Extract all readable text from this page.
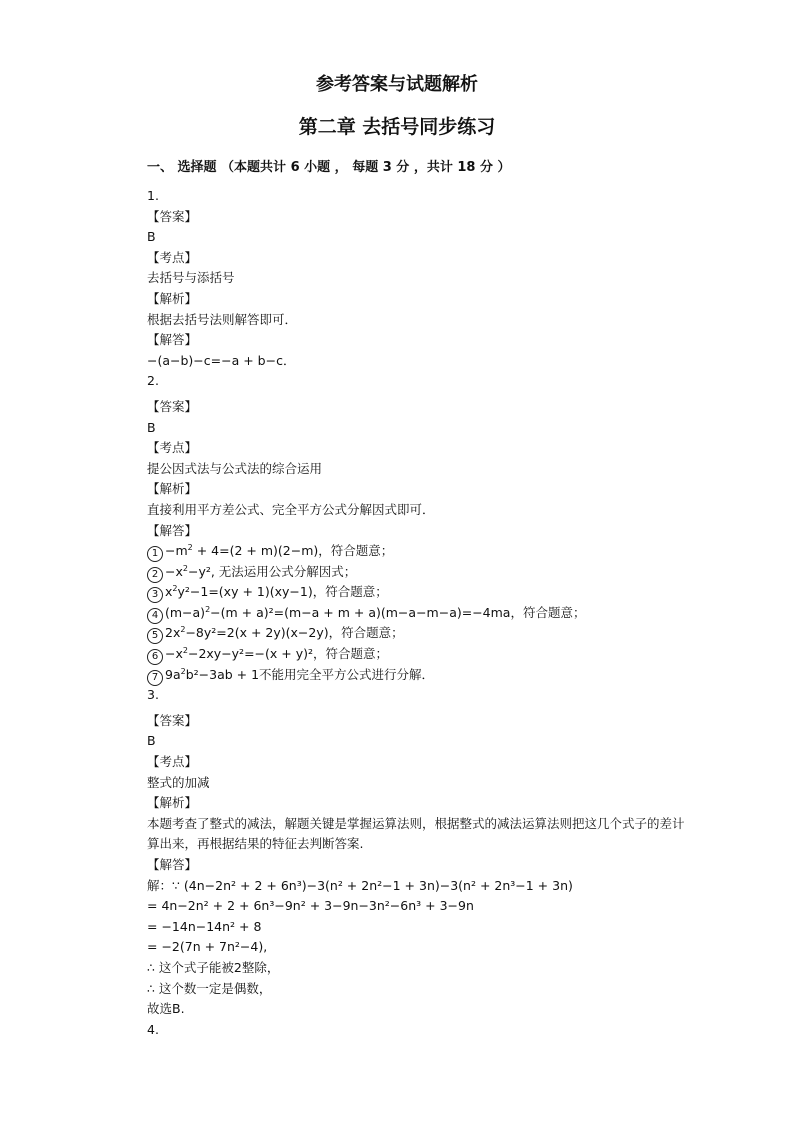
参考答案与试题解析
第二章 去括号同步练习
一、 选择题 （本题共计 6 小题 ， 每题 3 分 ，共计 18 分 ）
1.
【答案】
B
【考点】
去括号与添括号
【解析】
根据去括号法则解答即可．
【解答】
−(a−b)−c=−a + b−c．
2.
【答案】
B
【考点】
提公因式法与公式法的综合运用
【解析】
直接利用平方差公式、完全平方公式分解因式即可．
【解答】
$1 -m^2 + 4=(2 + m)(2-m)$，符合题意；
$2 -x^2-y^2$, 无法运用公式分解因式；
3 $x^2y^2-1=(xy + 1)(xy-1)$，符合题意；
4 $(m-a)^2-(m + a)^2=(m-a + m + a)(m-a-m-a)=-4ma$，符合题意；
5 $2x^2-8y^2=2(x + 2y)(x-2y)$，符合题意；
$6 -x^2-2xy-y^2=-(x + y)^2$，符合题意；
7 $9a^2b^2-3ab + 1$不能用完全平方公式进行分解．
3.
【答案】
B
【考点】
整式的加减
【解析】
本题考查了整式的减法，解题关键是掌握运算法则，根据整式的减法运算法则把这几个式子的差计算出来，再根据结果的特征去判断答案.
【解答】
解：∵ (4n−2n² + 2 + 6n³)−3(n² + 2n²−1 + 3n)−3(n² + 2n³−1 + 3n)
= 4n−2n² + 2 + 6n³−9n² + 3−9n−3n²−6n³ + 3−9n
= −14n−14n² + 8
= −2(7n + 7n²−4),
∴ 这个式子能被2整除，
∴ 这个数一定是偶数，
故选B.
4.
